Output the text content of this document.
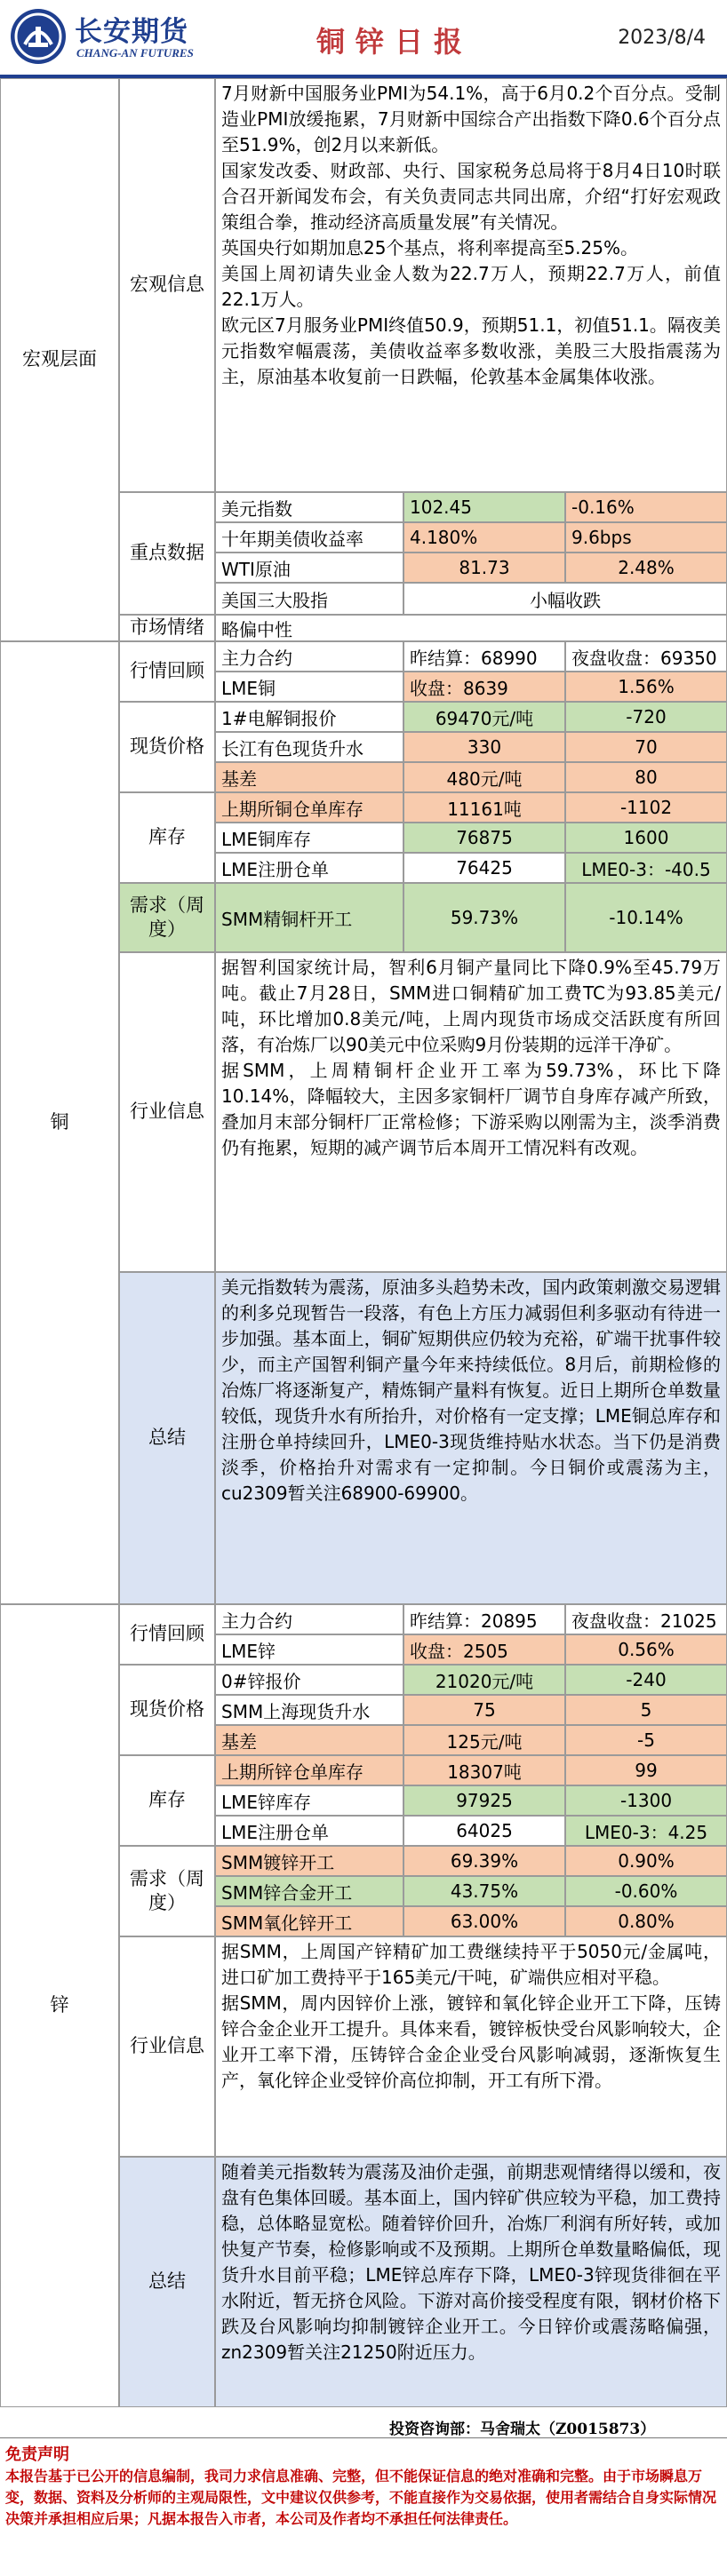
长安期货
CHANG-AN FUTURES	铜锌日报	2023/8/4
宏观层面
宏观信息

7月财新中国服务业PMI为54.1%，高于6月0.2个百分点。受制造业PMI放缓拖累，7月财新中国综合产出指数下降0.6个百分点至51.9%，创2月以来新低。

国家发改委、财政部、央行、国家税务总局将于8月4日10时联合召开新闻发布会，有关负责同志共同出席，介绍“打好宏观政策组合拳，推动经济高质量发展”有关情况。

英国央行如期加息25个基点，将利率提高至5.25%。

美国上周初请失业金人数为22.7万人，预期22.7万人，前值22.1万人。

欧元区7月服务业PMI终值50.9，预期51.1，初值51.1。隔夜美元指数窄幅震荡，美债收益率多数收涨，美股三大股指震荡为主，原油基本收复前一日跌幅，伦敦基本金属集体收涨。

重点数据
美元指数	102.45	-0.16%
十年期美债收益率	4.180%	9.6bps
WTI原油	81.73	2.48%
美国三大股指	小幅收跌
市场情绪 略偏中性
铜
行情回顾
主力合约	昨结算：68990	夜盘收盘：69350
LME铜	收盘：8639	1.56%
现货价格
1#电解铜报价	69470元/吨	-720
长江有色现货升水	330	70
基差	480元/吨	80
库存
上期所铜仓单库存	11161吨	-1102
LME铜库存	76875	1600
LME注册仓单	76425	LME0-3：-40.5
需求（周度）	SMM精铜杆开工	59.73%	-10.14%
行业信息

据智利国家统计局，智利6月铜产量同比下降0.9%至45.79万吨。截止7月28日，SMM进口铜精矿加工费TC为93.85美元/吨，环比增加0.8美元/吨，上周内现货市场成交活跃度有所回落，有冶炼厂以90美元中位采购9月份装期的远洋干净矿。

据SMM，上周精铜杆企业开工率为59.73%，环比下降10.14%，降幅较大，主因多家铜杆厂调节自身库存减产所致，叠加月末部分铜杆厂正常检修；下游采购以刚需为主，淡季消费仍有拖累，短期的减产调节后本周开工情况料有改观。

总结
美元指数转为震荡，原油多头趋势未改，国内政策刺激交易逻辑的利多兑现暂告一段落，有色上方压力减弱但利多驱动有待进一步加强。基本面上，铜矿短期供应仍较为充裕，矿端干扰事件较少，而主产国智利铜产量今年来持续低位。8月后，前期检修的冶炼厂将逐渐复产，精炼铜产量料有恢复。近日上期所仓单数量较低，现货升水有所抬升，对价格有一定支撑；LME铜总库存和注册仓单持续回升，LME0-3现货维持贴水状态。当下仍是消费淡季，价格抬升对需求有一定抑制。今日铜价或震荡为主，cu2309暂关注68900-69900。
锌
行情回顾
主力合约	昨结算：20895	夜盘收盘：21025
LME锌	收盘：2505	0.56%
现货价格
0#锌报价	21020元/吨	-240
SMM上海现货升水	75	5
基差	125元/吨	-5
库存
上期所锌仓单库存	18307吨	99
LME锌库存	97925	-1300
LME注册仓单	64025	LME0-3：4.25
需求（周度）
SMM镀锌开工	69.39%	0.90%
SMM锌合金开工	43.75%	-0.60%
SMM氧化锌开工	63.00%	0.80%
行业信息

据SMM，上周国产锌精矿加工费继续持平于5050元/金属吨，进口矿加工费持平于165美元/干吨，矿端供应相对平稳。

据SMM，周内因锌价上涨，镀锌和氧化锌企业开工下降，压铸锌合金企业开工提升。具体来看，镀锌板快受台风影响较大，企业开工率下滑，压铸锌合金企业受台风影响减弱，逐渐恢复生产，氧化锌企业受锌价高位抑制，开工有所下滑。

总结
随着美元指数转为震荡及油价走强，前期悲观情绪得以缓和，夜盘有色集体回暖。基本面上，国内锌矿供应较为平稳，加工费持稳，总体略显宽松。随着锌价回升，冶炼厂利润有所好转，或加快复产节奏，检修影响或不及预期。上期所仓单数量略偏低，现货升水目前平稳；LME锌总库存下降，LME0-3锌现货徘徊在平水附近，暂无挤仓风险。下游对高价接受程度有限，钢材价格下跌及台风影响均抑制镀锌企业开工。今日锌价或震荡略偏强，zn2309暂关注21250附近压力。
投资咨询部：马舍瑞太（Z0015873）
免责声明
本报告基于已公开的信息编制，我司力求信息准确、完整，但不能保证信息的绝对准确和完整。由于市场瞬息万变，数据、资料及分析师的主观局限性，文中建议仅供参考，不能直接作为交易依据，使用者需结合自身实际情况决策并承担相应后果；凡据本报告入市者，本公司及作者均不承担任何法律责任。
